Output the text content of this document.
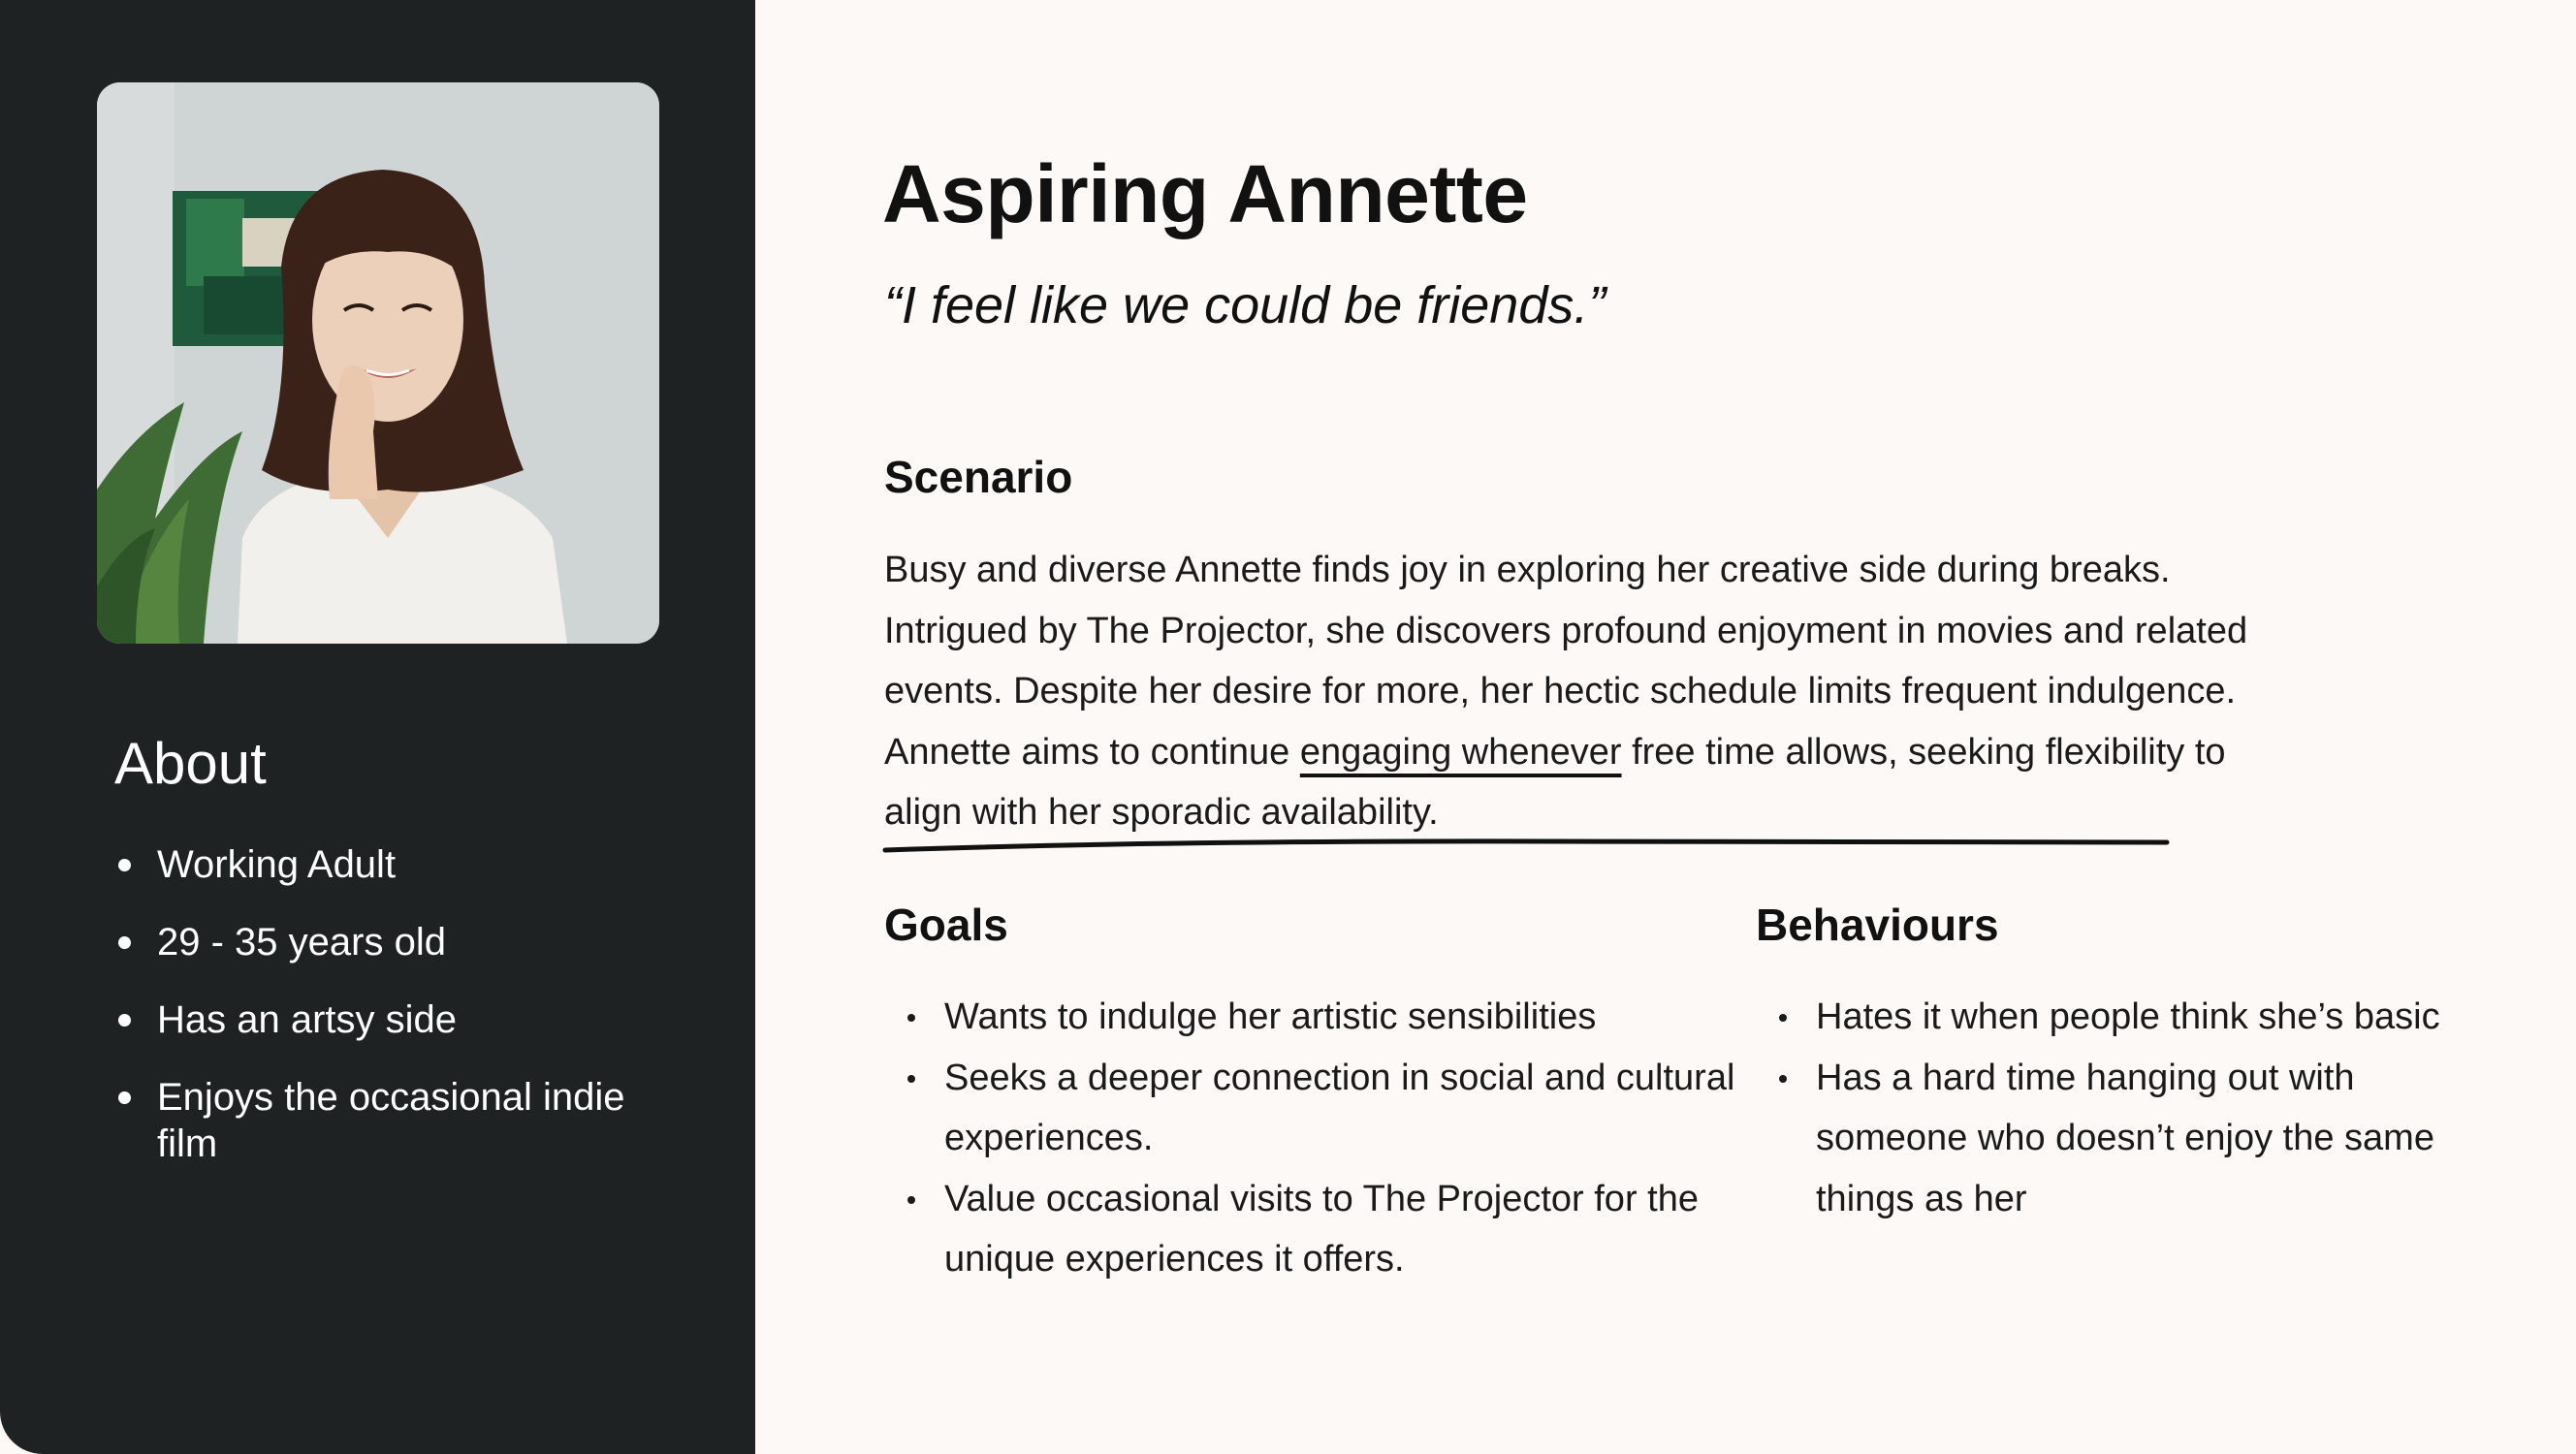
About
Working Adult
29 - 35 years old
Has an artsy side
Enjoys the occasional indie film
Aspiring Annette

“I feel like we could be friends.”

Scenario

Busy and diverse Annette finds joy in exploring her creative side during breaks. Intrigued by The Projector, she discovers profound enjoyment in movies and related events. Despite her desire for more, her hectic schedule limits frequent indulgence. Annette aims to continue engaging whenever free time allows, seeking flexibility to align with her sporadic availability.

Goals
Wants to indulge her artistic sensibilities
Seeks a deeper connection in social and cultural experiences.
Value occasional visits to The Projector for the unique experiences it offers.
Behaviours
Hates it when people think she’s basic
Has a hard time hanging out with someone who doesn’t enjoy the same things as her
